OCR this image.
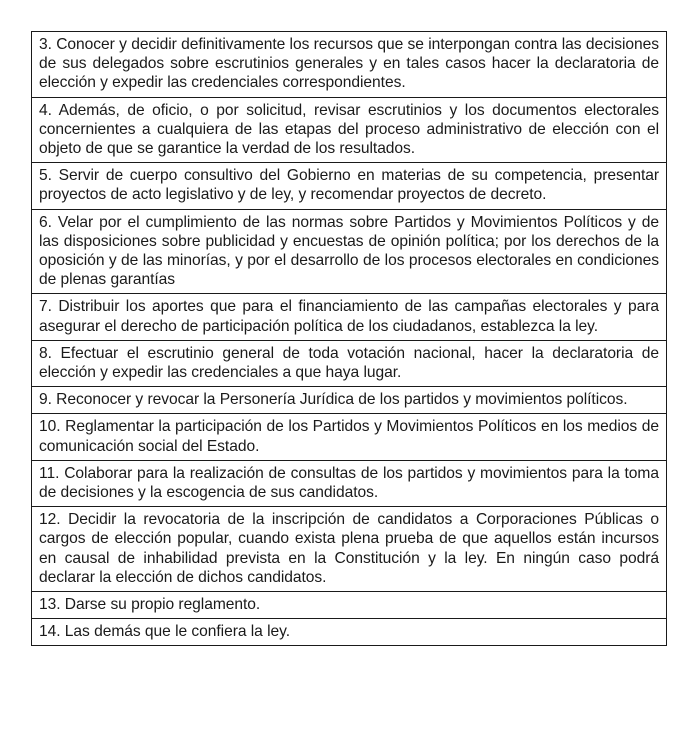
3. Conocer y decidir definitivamente los recursos que se interpongan contra las decisiones de sus delegados sobre escrutinios generales y en tales casos hacer la declaratoria de elección y expedir las credenciales correspondientes.
4. Además, de oficio, o por solicitud, revisar escrutinios y los documentos electorales concernientes a cualquiera de las etapas del proceso administrativo de elección con el objeto de que se garantice la verdad de los resultados.
5. Servir de cuerpo consultivo del Gobierno en materias de su competencia, presentar proyectos de acto legislativo y de ley, y recomendar proyectos de decreto.
6. Velar por el cumplimiento de las normas sobre Partidos y Movimientos Políticos y de las disposiciones sobre publicidad y encuestas de opinión política; por los derechos de la oposición y de las minorías, y por el desarrollo de los procesos electorales en condiciones de plenas garantías
7. Distribuir los aportes que para el financiamiento de las campañas electorales y para asegurar el derecho de participación política de los ciudadanos, establezca la ley.
8. Efectuar el escrutinio general de toda votación nacional, hacer la declaratoria de elección y expedir las credenciales a que haya lugar.
9. Reconocer y revocar la Personería Jurídica de los partidos y movimientos políticos.
10. Reglamentar la participación de los Partidos y Movimientos Políticos en los medios de comunicación social del Estado.
11. Colaborar para la realización de consultas de los partidos y movimientos para la toma de decisiones y la escogencia de sus candidatos.
12. Decidir la revocatoria de la inscripción de candidatos a Corporaciones Públicas o cargos de elección popular, cuando exista plena prueba de que aquellos están incursos en causal de inhabilidad prevista en la Constitución y la ley. En ningún caso podrá declarar la elección de dichos candidatos.
13. Darse su propio reglamento.
14. Las demás que le confiera la ley.
